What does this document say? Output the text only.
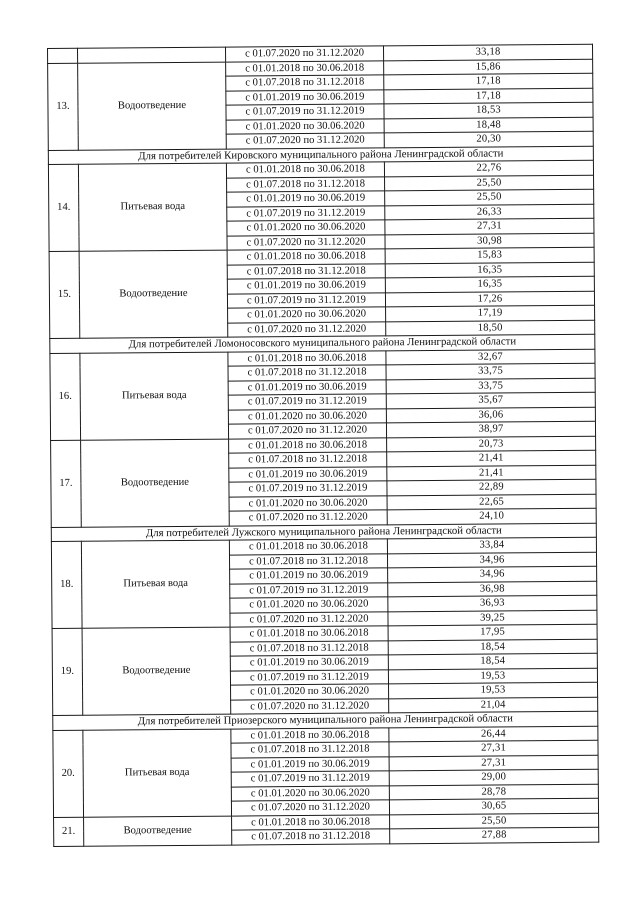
		с 01.07.2020 по 31.12.2020	33,18
13.	Водоотведение	с 01.01.2018 по 30.06.2018	15,86
		с 01.07.2018 по 31.12.2018	17,18
		с 01.01.2019 по 30.06.2019	17,18
		с 01.07.2019 по 31.12.2019	18,53
		с 01.01.2020 по 30.06.2020	18,48
		с 01.07.2020 по 31.12.2020	20,30
Для потребителей Кировского муниципального района Ленинградской области			
14.	Питьевая вода	с 01.01.2018 по 30.06.2018	22,76
		с 01.07.2018 по 31.12.2018	25,50
		с 01.01.2019 по 30.06.2019	25,50
		с 01.07.2019 по 31.12.2019	26,33
		с 01.01.2020 по 30.06.2020	27,31
		с 01.07.2020 по 31.12.2020	30,98
15.	Водоотведение	с 01.01.2018 по 30.06.2018	15,83
		с 01.07.2018 по 31.12.2018	16,35
		с 01.01.2019 по 30.06.2019	16,35
		с 01.07.2019 по 31.12.2019	17,26
		с 01.01.2020 по 30.06.2020	17,19
		с 01.07.2020 по 31.12.2020	18,50
Для потребителей Ломоносовского муниципального района Ленинградской области			
16.	Питьевая вода	с 01.01.2018 по 30.06.2018	32,67
		с 01.07.2018 по 31.12.2018	33,75
		с 01.01.2019 по 30.06.2019	33,75
		с 01.07.2019 по 31.12.2019	35,67
		с 01.01.2020 по 30.06.2020	36,06
		с 01.07.2020 по 31.12.2020	38,97
17.	Водоотведение	с 01.01.2018 по 30.06.2018	20,73
		с 01.07.2018 по 31.12.2018	21,41
		с 01.01.2019 по 30.06.2019	21,41
		с 01.07.2019 по 31.12.2019	22,89
		с 01.01.2020 по 30.06.2020	22,65
		с 01.07.2020 по 31.12.2020	24,10
Для потребителей Лужского муниципального района Ленинградской области			
18.	Питьевая вода	с 01.01.2018 по 30.06.2018	33,84
		с 01.07.2018 по 31.12.2018	34,96
		с 01.01.2019 по 30.06.2019	34,96
		с 01.07.2019 по 31.12.2019	36,98
		с 01.01.2020 по 30.06.2020	36,93
		с 01.07.2020 по 31.12.2020	39,25
19.	Водоотведение	с 01.01.2018 по 30.06.2018	17,95
		с 01.07.2018 по 31.12.2018	18,54
		с 01.01.2019 по 30.06.2019	18,54
		с 01.07.2019 по 31.12.2019	19,53
		с 01.01.2020 по 30.06.2020	19,53
		с 01.07.2020 по 31.12.2020	21,04
Для потребителей Приозерского муниципального района Ленинградской области			
20.	Питьевая вода	с 01.01.2018 по 30.06.2018	26,44
		с 01.07.2018 по 31.12.2018	27,31
		с 01.01.2019 по 30.06.2019	27,31
		с 01.07.2019 по 31.12.2019	29,00
		с 01.01.2020 по 30.06.2020	28,78
		с 01.07.2020 по 31.12.2020	30,65
21.	Водоотведение	с 01.01.2018 по 30.06.2018	25,50
		с 01.07.2018 по 31.12.2018	27,88
